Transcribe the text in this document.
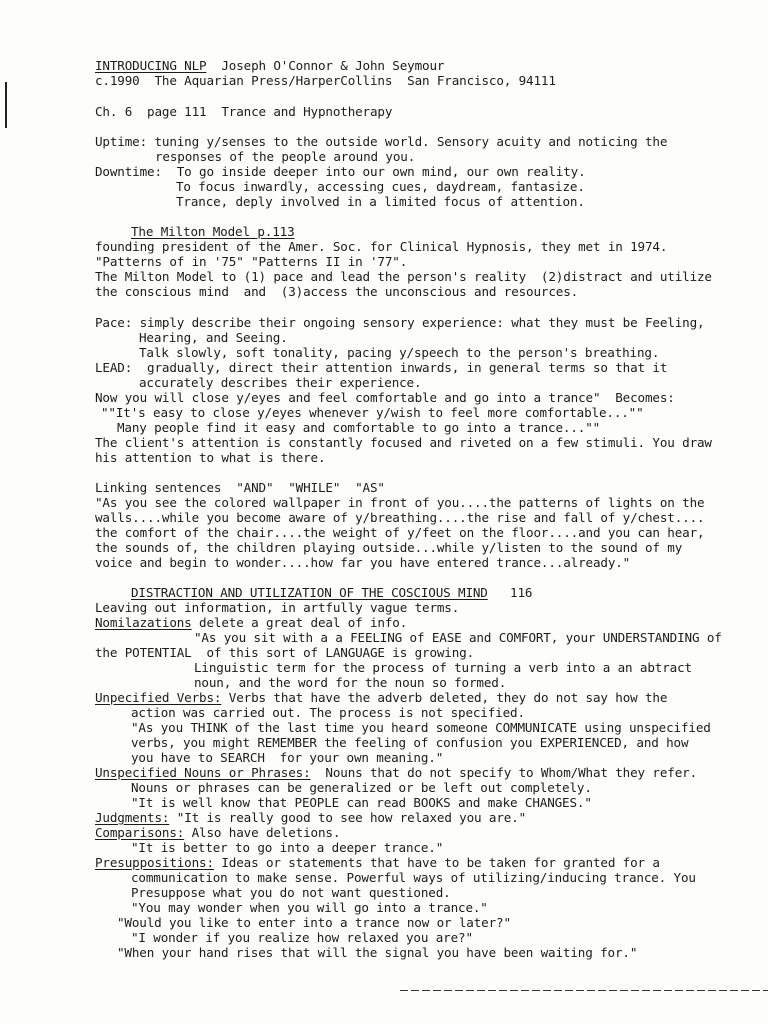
INTRODUCING NLP  Joseph O'Connor & John Seymour
c.1990  The Aquarian Press/HarperCollins  San Francisco, 94111
Ch. 6  page 111  Trance and Hypnotherapy
Uptime: tuning y/senses to the outside world. Sensory acuity and noticing the
responses of the people around you.
Downtime:  To go inside deeper into our own mind, our own reality.
To focus inwardly, accessing cues, daydream, fantasize.
Trance, deply involved in a limited focus of attention.
The Milton Model p.113
founding president of the Amer. Soc. for Clinical Hypnosis, they met in 1974.
"Patterns of in '75" "Patterns II in '77".
The Milton Model to (1) pace and lead the person's reality  (2)distract and utilize
the conscious mind  and  (3)access the unconscious and resources.
Pace: simply describe their ongoing sensory experience: what they must be Feeling,
Hearing, and Seeing.
Talk slowly, soft tonality, pacing y/speech to the person's breathing.
LEAD:  gradually, direct their attention inwards, in general terms so that it
accurately describes their experience.
Now you will close y/eyes and feel comfortable and go into a trance"  Becomes:
""It's easy to close y/eyes whenever y/wish to feel more comfortable...""
Many people find it easy and comfortable to go into a trance...""
The client's attention is constantly focused and riveted on a few stimuli. You draw
his attention to what is there.
Linking sentences  "AND"  "WHILE"  "AS"
"As you see the colored wallpaper in front of you....the patterns of lights on the
walls....while you become aware of y/breathing....the rise and fall of y/chest....
the comfort of the chair....the weight of y/feet on the floor....and you can hear,
the sounds of, the children playing outside...while y/listen to the sound of my
voice and begin to wonder....how far you have entered trance...already."
DISTRACTION AND UTILIZATION OF THE COSCIOUS MIND 116
Leaving out information, in artfully vague terms.
Nomilazations delete a great deal of info.
"As you sit with a a FEELING of EASE and COMFORT, your UNDERSTANDING of
the POTENTIAL  of this sort of LANGUAGE is growing.
Linguistic term for the process of turning a verb into a an abtract
noun, and the word for the noun so formed.
Unpecified Verbs: Verbs that have the adverb deleted, they do not say how the
action was carried out. The process is not specified.
"As you THINK of the last time you heard someone COMMUNICATE using unspecified
verbs, you might REMEMBER the feeling of confusion you EXPERIENCED, and how
you have to SEARCH  for your own meaning."
Unspecified Nouns or Phrases:  Nouns that do not specify to Whom/What they refer.
Nouns or phrases can be generalized or be left out completely.
"It is well know that PEOPLE can read BOOKS and make CHANGES."
Judgments: "It is really good to see how relaxed you are."
Comparisons: Also have deletions.
"It is better to go into a deeper trance."
Presuppositions: Ideas or statements that have to be taken for granted for a
communication to make sense. Powerful ways of utilizing/inducing trance. You
Presuppose what you do not want questioned.
"You may wonder when you will go into a trance."
"Would you like to enter into a trance now or later?"
"I wonder if you realize how relaxed you are?"
"When your hand rises that will the signal you have been waiting for."
